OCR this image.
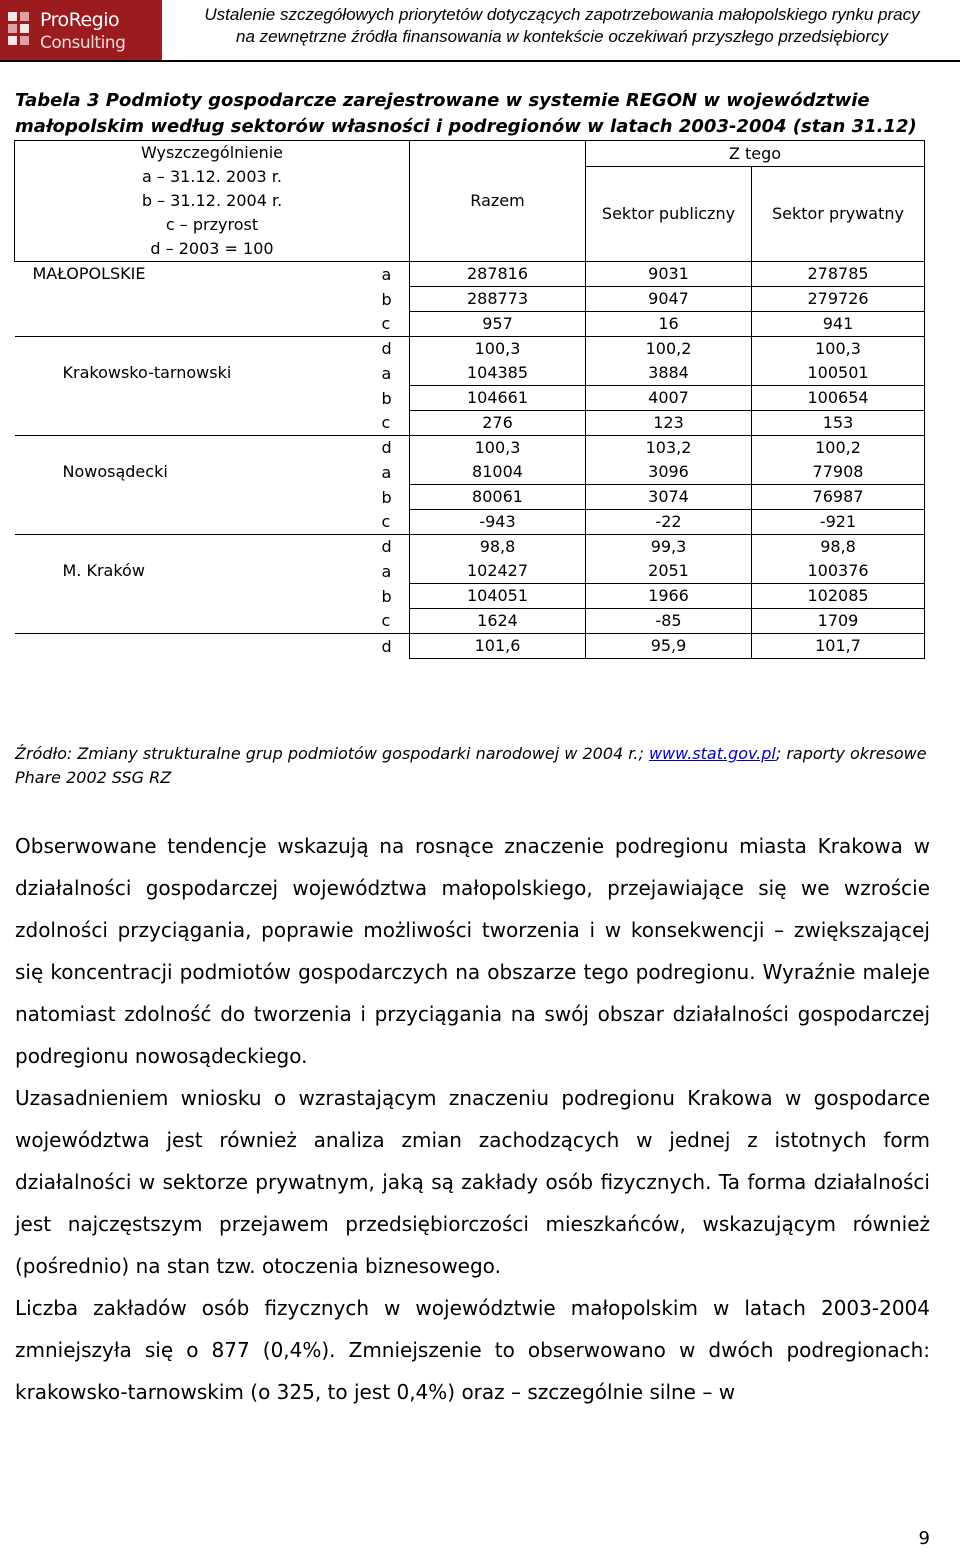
ProRegio
Consulting
Ustalenie szczegółowych priorytetów dotyczących zapotrzebowania małopolskiego rynku pracy
na zewnętrzne źródła finansowania w kontekście oczekiwań przyszłego przedsiębiorcy
Tabela 3 Podmioty gospodarcze zarejestrowane w systemie REGON w województwie małopolskim według sektorów własności i podregionów w latach 2003-2004 (stan 31.12)
Wyszczególnienie
a – 31.12. 2003 r.
b – 31.12. 2004 r.
c – przyrost
d – 2003 = 100	Razem	Z tego	
		Sektor publiczny	Sektor prywatny

MAŁOPOLSKIE a	287816	9031	278785

b	288773	9047	279726

c	957	16	941

d	100,3	100,2	100,3

Krakowsko-tarnowski a	104385	3884	100501

b	104661	4007	100654

c	276	123	153

d	100,3	103,2	100,2

Nowosądecki a	81004	3096	77908

b	80061	3074	76987

c	-943	-22	-921

d	98,8	99,3	98,8

M. Kraków a	102427	2051	100376

b	104051	1966	102085

c	1624	-85	1709

d	101,6	95,9	101,7
Źródło: Zmiany strukturalne grup podmiotów gospodarki narodowej w 2004 r.; www.stat.gov.pl; raporty okresowe Phare 2002 SSG RZ

Obserwowane tendencje wskazują na rosnące znaczenie podregionu miasta Krakowa w działalności gospodarczej województwa małopolskiego, przejawiające się we wzroście zdolności przyciągania, poprawie możliwości tworzenia i w konsekwencji – zwiększającej się koncentracji podmiotów gospodarczych na obszarze tego podregionu. Wyraźnie maleje natomiast zdolność do tworzenia i przyciągania na swój obszar działalności gospodarczej podregionu nowosądeckiego.

Uzasadnieniem wniosku o wzrastającym znaczeniu podregionu Krakowa w gospodarce województwa jest również analiza zmian zachodzących w jednej z istotnych form działalności w sektorze prywatnym, jaką są zakłady osób fizycznych. Ta forma działalności jest najczęstszym przejawem przedsiębiorczości mieszkańców, wskazującym również (pośrednio) na stan tzw. otoczenia biznesowego.

Liczba zakładów osób fizycznych w województwie małopolskim w latach 2003-2004 zmniejszyła się o 877 (0,4%). Zmniejszenie to obserwowano w dwóch podregionach: krakowsko-tarnowskim (o 325, to jest 0,4%) oraz – szczególnie silne – w

9
